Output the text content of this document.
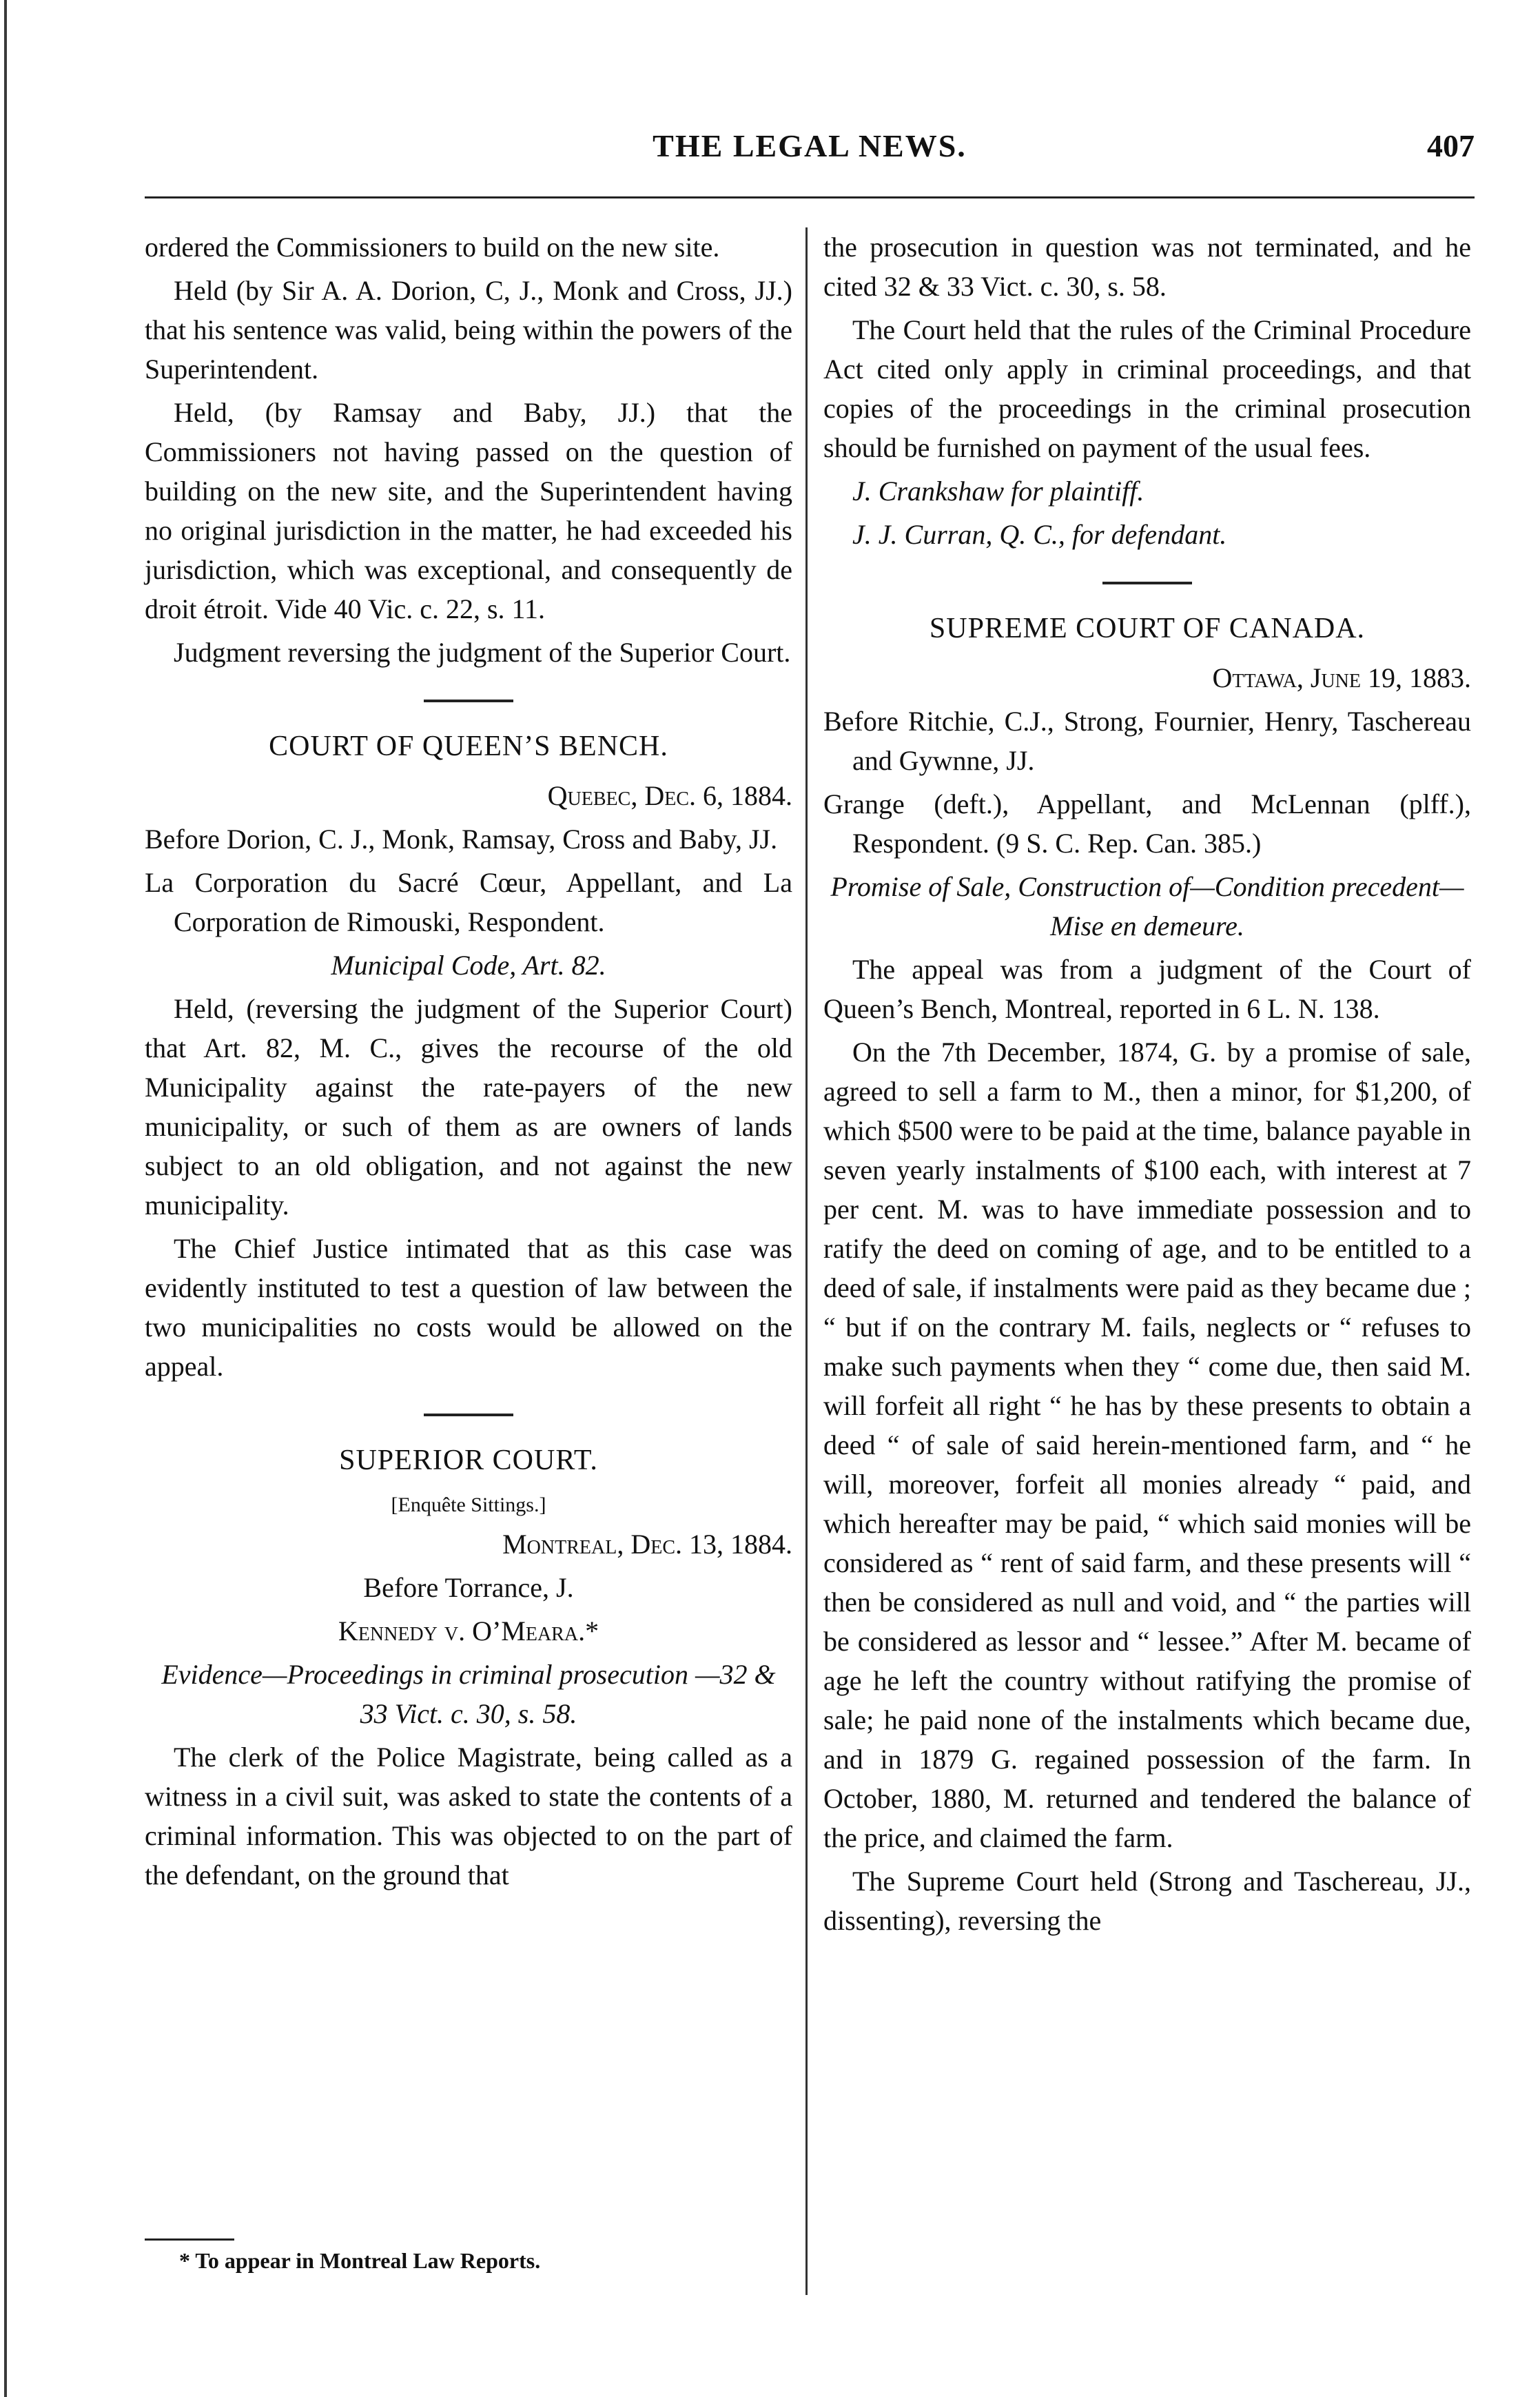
THE LEGAL NEWS.	407

ordered the Commissioners to build on the new site.

Held (by Sir A. A. Dorion, C, J., Monk and Cross, JJ.) that his sentence was valid, being within the powers of the Superintendent.

Held, (by Ramsay and Baby, JJ.) that the Commissioners not having passed on the question of building on the new site, and the Superintendent having no original jurisdiction in the matter, he had exceeded his jurisdiction, which was exceptional, and consequently de droit étroit. Vide 40 Vic. c. 22, s. 11.

Judgment reversing the judgment of the Superior Court.

COURT OF QUEEN’S BENCH.

Quebec, Dec. 6, 1884.

Before Dorion, C. J., Monk, Ramsay, Cross and Baby, JJ.

La Corporation du Sacré Cœur, Appellant, and La Corporation de Rimouski, Respondent.

Municipal Code, Art. 82.

Held, (reversing the judgment of the Superior Court) that Art. 82, M. C., gives the recourse of the old Municipality against the rate-payers of the new municipality, or such of them as are owners of lands subject to an old obligation, and not against the new municipality.

The Chief Justice intimated that as this case was evidently instituted to test a question of law between the two municipalities no costs would be allowed on the appeal.

SUPERIOR COURT.

[Enquête Sittings.]

Montreal, Dec. 13, 1884.

Before Torrance, J.

Kennedy v. O’Meara.*

Evidence—Proceedings in criminal prosecution —32 & 33 Vict. c. 30, s. 58.

The clerk of the Police Magistrate, being called as a witness in a civil suit, was asked to state the contents of a criminal information. This was objected to on the part of the defendant, on the ground that

the prosecution in question was not terminated, and he cited 32 & 33 Vict. c. 30, s. 58.

The Court held that the rules of the Criminal Procedure Act cited only apply in criminal proceedings, and that copies of the proceedings in the criminal prosecution should be furnished on payment of the usual fees.

J. Crankshaw for plaintiff.

J. J. Curran, Q. C., for defendant.

SUPREME COURT OF CANADA.

Ottawa, June 19, 1883.

Before Ritchie, C.J., Strong, Fournier, Henry, Taschereau and Gywnne, JJ.

Grange (deft.), Appellant, and McLennan (plff.), Respondent. (9 S. C. Rep. Can. 385.)

Promise of Sale, Construction of—Condition precedent—Mise en demeure.

The appeal was from a judgment of the Court of Queen’s Bench, Montreal, reported in 6 L. N. 138.

On the 7th December, 1874, G. by a promise of sale, agreed to sell a farm to M., then a minor, for $1,200, of which $500 were to be paid at the time, balance payable in seven yearly instalments of $100 each, with interest at 7 per cent. M. was to have immediate possession and to ratify the deed on coming of age, and to be entitled to a deed of sale, if instalments were paid as they became due ; “ but if on the contrary M. fails, neglects or “ refuses to make such payments when they “ come due, then said M. will forfeit all right “ he has by these presents to obtain a deed “ of sale of said herein-mentioned farm, and “ he will, moreover, forfeit all monies already “ paid, and which hereafter may be paid, “ which said monies will be considered as “ rent of said farm, and these presents will “ then be considered as null and void, and “ the parties will be considered as lessor and “ lessee.” After M. became of age he left the country without ratifying the promise of sale; he paid none of the instalments which became due, and in 1879 G. regained possession of the farm. In October, 1880, M. returned and tendered the balance of the price, and claimed the farm.

The Supreme Court held (Strong and Taschereau, JJ., dissenting), reversing the

* To appear in Montreal Law Reports.
